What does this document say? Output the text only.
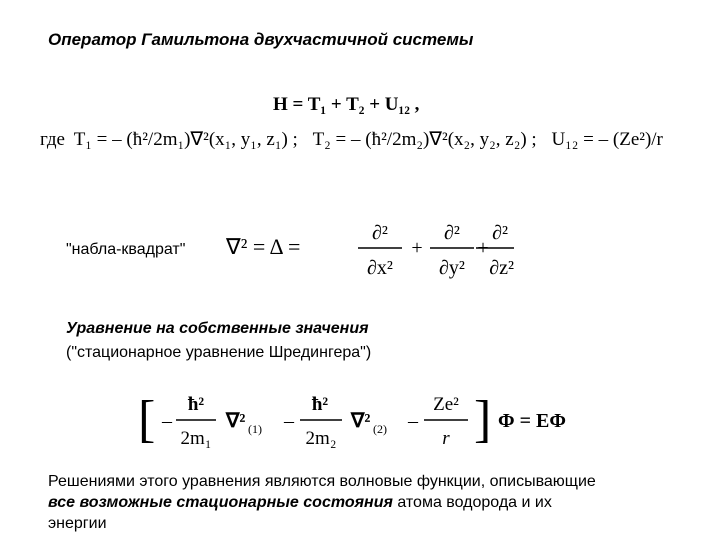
Оператор Гамильтона двухчастичной системы
H = T₁ + T₂ + U₁₂ ,
где T₁ = – (ħ²/2m₁)∇²(x₁, y₁, z₁) ; T₂ = – (ħ²/2m₂)∇²(x₂, y₂, z₂) ; U₁₂ = – (Ze²)/r
"набла-квадрат" ∇² = Δ =
∂²
∂x²
+
∂²
∂y²
+
∂²
∂z²
Уравнение на собственные значения
("стационарное уравнение Шредингера")
[ –
ħ²
2m₁
∇² (1) –
ħ²
2m₂
∇² (2) –
Ze²
r ] Φ = EΦ
Решениями этого уравнения являются волновые функции, описывающие
все возможные стационарные состояния атома водорода и их
энергии
